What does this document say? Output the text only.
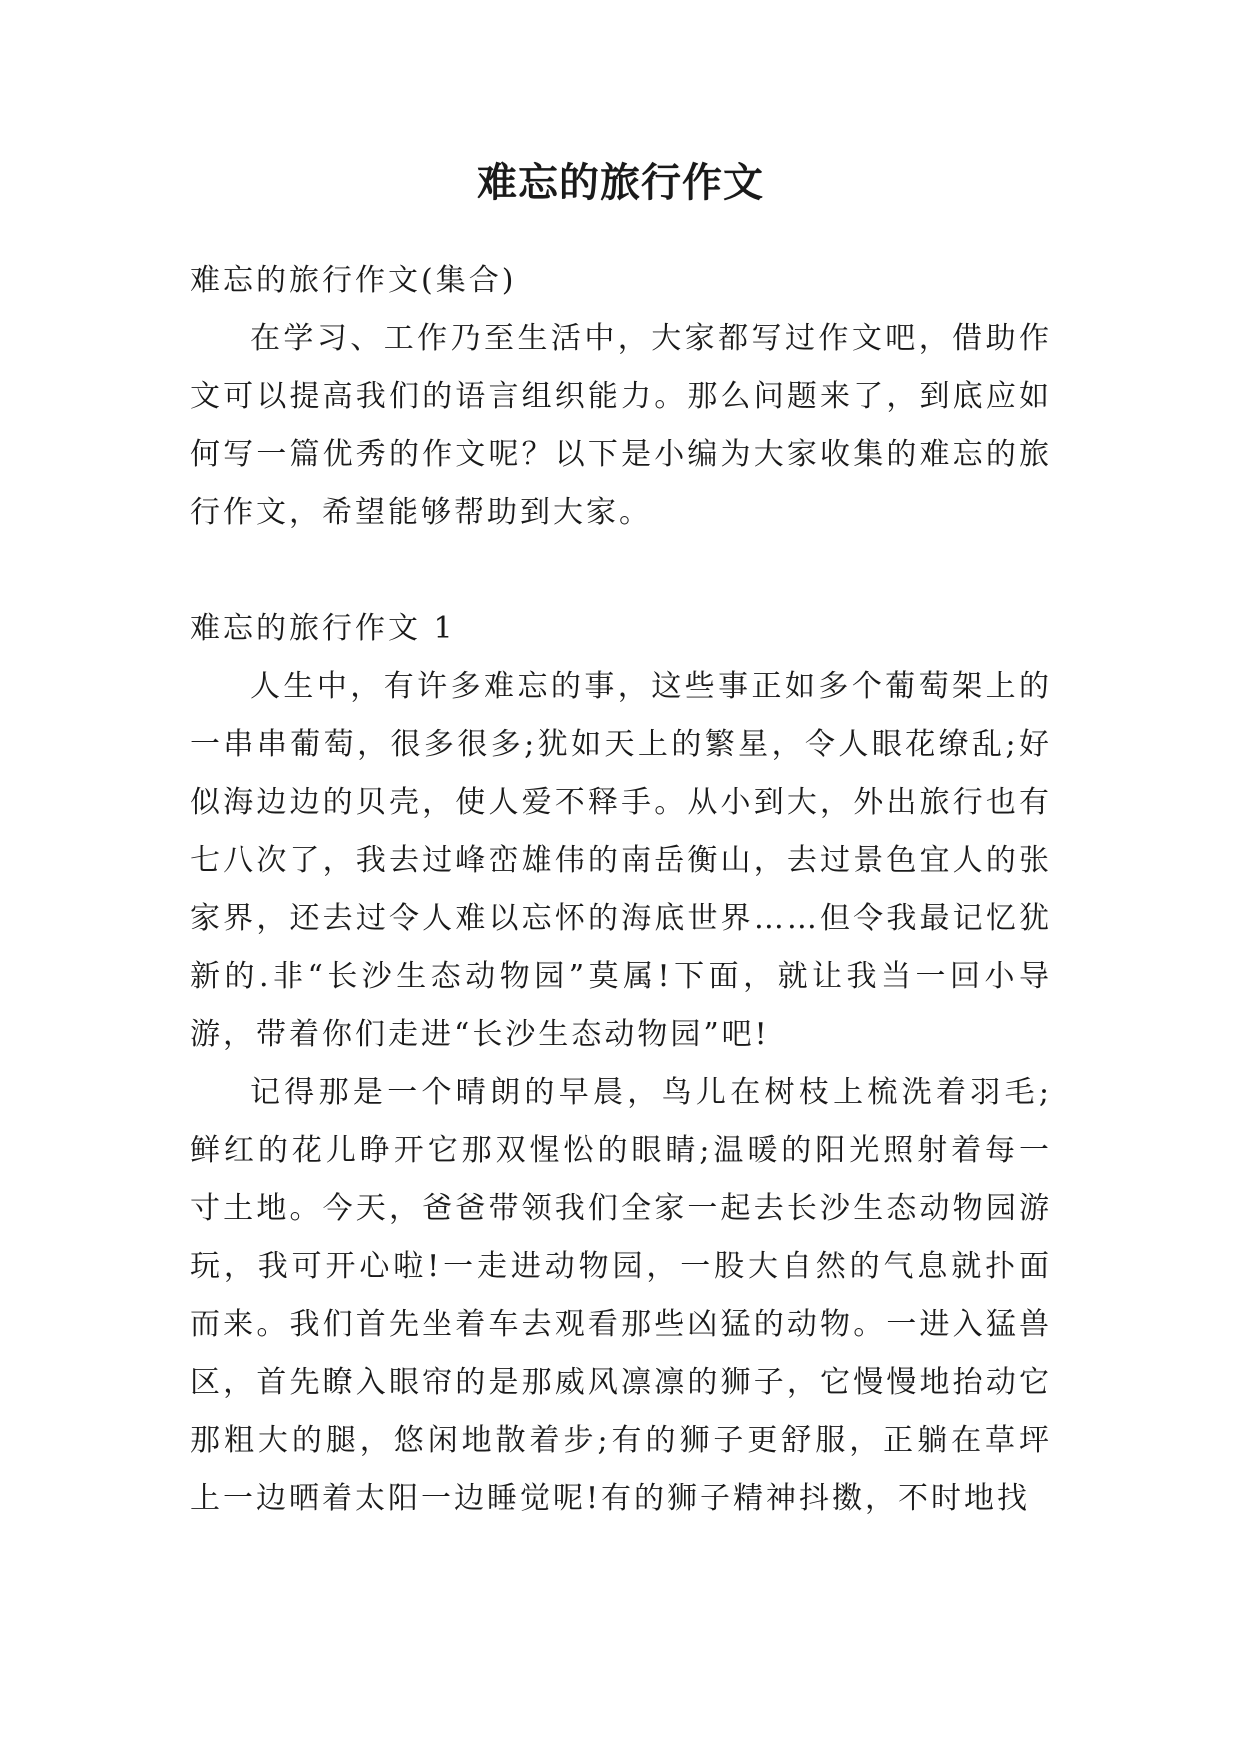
难忘的旅行作文

难忘的旅行作文(集合)

在学习、工作乃至生活中，大家都写过作文吧，借助作文可以提高我们的语言组织能力。那么问题来了，到底应如何写一篇优秀的作文呢？以下是小编为大家收集的难忘的旅行作文，希望能够帮助到大家。

难忘的旅行作文 1

人生中，有许多难忘的事，这些事正如多个葡萄架上的一串串葡萄，很多很多;犹如天上的繁星，令人眼花缭乱;好似海边边的贝壳，使人爱不释手。从小到大，外出旅行也有七八次了，我去过峰峦雄伟的南岳衡山，去过景色宜人的张家界，还去过令人难以忘怀的海底世界……但令我最记忆犹新的.非“长沙生态动物园”莫属!下面，就让我当一回小导游，带着你们走进“长沙生态动物园”吧!

记得那是一个晴朗的早晨，鸟儿在树枝上梳洗着羽毛;鲜红的花儿睁开它那双惺忪的眼睛;温暖的阳光照射着每一寸土地。今天，爸爸带领我们全家一起去长沙生态动物园游玩，我可开心啦!一走进动物园，一股大自然的气息就扑面而来。我们首先坐着车去观看那些凶猛的动物。一进入猛兽区，首先瞭入眼帘的是那威风凛凛的狮子，它慢慢地抬动它那粗大的腿，悠闲地散着步;有的狮子更舒服，正躺在草坪上一边晒着太阳一边睡觉呢!有的狮子精神抖擞，不时地找
